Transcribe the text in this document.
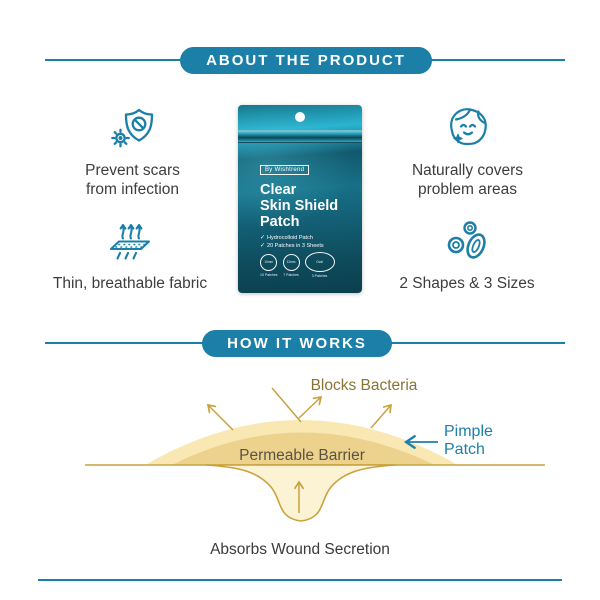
ABOUT THE PRODUCT
Prevent scars
from infection
Naturally covers
problem areas
Thin, breathable fabric	2 Shapes & 3 Sizes
By Wishtrend
Clear
Skin Shield
Patch
✓ Hydrocolloid Patch
✓ 20 Patches in 3 Sheets
10mm
10 Patches
12mm
7 Patches
Oval
3 Patches
HOW IT WORKS
Blocks Bacteria
Permeable Barrier
Pimple
Patch
Absorbs Wound Secretion
